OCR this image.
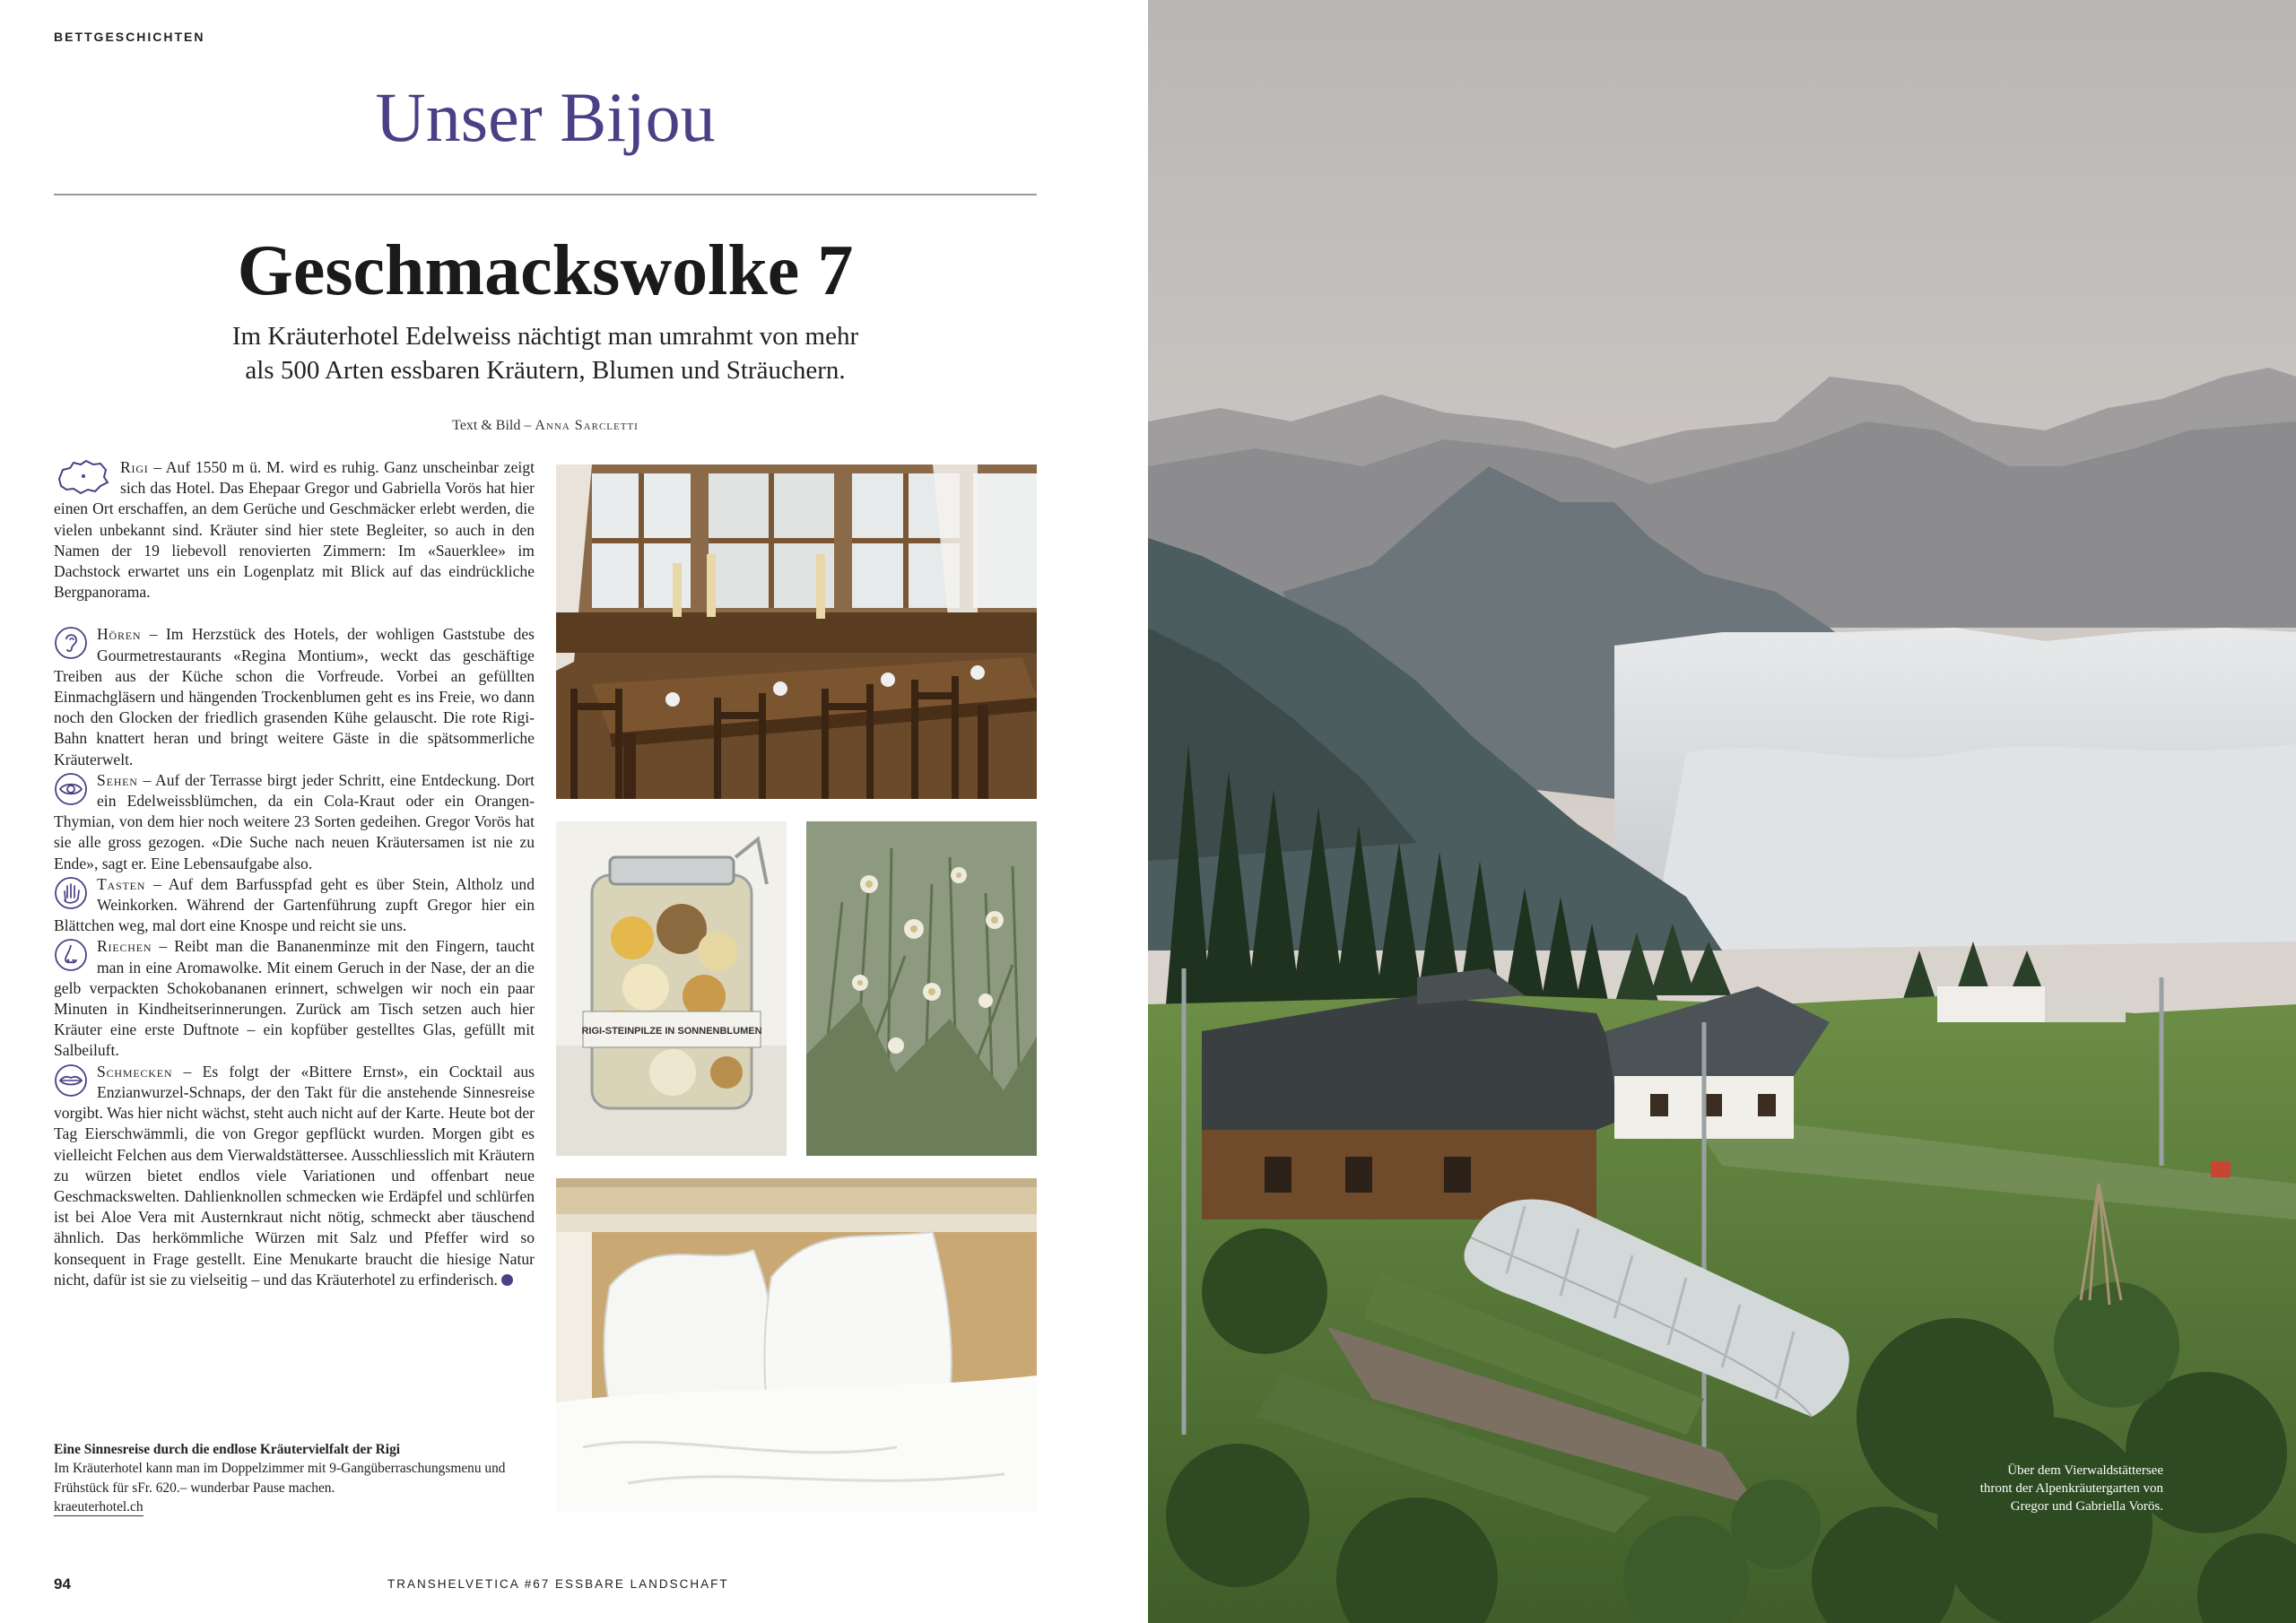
BETTGESCHICHTEN
Unser Bijou
Geschmackswolke 7
Im Kräuterhotel Edelweiss nächtigt man umrahmt von mehr
als 500 Arten essbaren Kräutern, Blumen und Sträuchern.
Text & Bild – Anna Sarcletti

Rigi – Auf 1550 m ü. M. wird es ruhig. Ganz unscheinbar zeigt sich das Hotel. Das Ehepaar Gregor und Gabriella Vorös hat hier einen Ort erschaffen, an dem Gerüche und Geschmäcker erlebt werden, die vielen unbekannt sind. Kräuter sind hier stete Begleiter, so auch in den Namen der 19 liebevoll renovierten Zimmern: Im «Sauerklee» im Dachstock erwartet uns ein Logenplatz mit Blick auf das eindrückliche Bergpanorama.

Hören – Im Herzstück des Hotels, der wohligen Gaststube des Gourmetrestaurants «Regina Montium», weckt das geschäftige Treiben aus der Küche schon die Vorfreude. Vorbei an gefüllten Einmachgläsern und hängenden Trockenblumen geht es ins Freie, wo dann noch den Glocken der friedlich grasenden Kühe gelauscht. Die rote Rigi-Bahn knattert heran und bringt weitere Gäste in die spätsommerliche Kräuterwelt.

Sehen – Auf der Terrasse birgt jeder Schritt, eine Entdeckung. Dort ein Edelweissblümchen, da ein Cola-Kraut oder ein Orangen-Thymian, von dem hier noch weitere 23 Sorten gedeihen. Gregor Vorös hat sie alle gross gezogen. «Die Suche nach neuen Kräutersamen ist nie zu Ende», sagt er. Eine Lebensaufgabe also.

Tasten – Auf dem Barfusspfad geht es über Stein, Altholz und Weinkorken. Während der Gartenführung zupft Gregor hier ein Blättchen weg, mal dort eine Knospe und reicht sie uns.

Riechen – Reibt man die Bananenminze mit den Fingern, taucht man in eine Aromawolke. Mit einem Geruch in der Nase, der an die gelb verpackten Schokobananen erinnert, schwelgen wir noch ein paar Minuten in Kindheitserinnerungen. Zurück am Tisch setzen auch hier Kräuter eine erste Duftnote – ein kopfüber gestelltes Glas, gefüllt mit Salbeiluft.

Schmecken – Es folgt der «Bittere Ernst», ein Cocktail aus Enzianwurzel-Schnaps, der den Takt für die anstehende Sinnesreise vorgibt. Was hier nicht wächst, steht auch nicht auf der Karte. Heute bot der Tag Eierschwämmli, die von Gregor gepflückt wurden. Morgen gibt es vielleicht Felchen aus dem Vierwaldstättersee. Ausschliesslich mit Kräutern zu würzen bietet endlos viele Variationen und offenbart neue Geschmackswelten. Dahlienknollen schmecken wie Erdäpfel und schlürfen ist bei Aloe Vera mit Austernkraut nicht nötig, schmeckt aber täuschend ähnlich. Das herkömmliche Würzen mit Salz und Pfeffer wird so konsequent in Frage gestellt. Eine Menukarte braucht die hiesige Natur nicht, dafür ist sie zu vielseitig – und das Kräuterhotel zu erfinderisch.

Eine Sinnesreise durch die endlose Kräutervielfalt der Rigi
Im Kräuterhotel kann man im Doppelzimmer mit 9-Gangüberraschungsmenu und Frühstück für sFr. 620.– wunderbar Pause machen.
kraeuterhotel.ch
RIGI-STEINPILZE IN SONNENBLUMEN
94	TRANSHELVETICA #67 ESSBARE LANDSCHAFT
Über dem Vierwaldstättersee
thront der Alpenkräutergarten von
Gregor und Gabriella Vorös.
